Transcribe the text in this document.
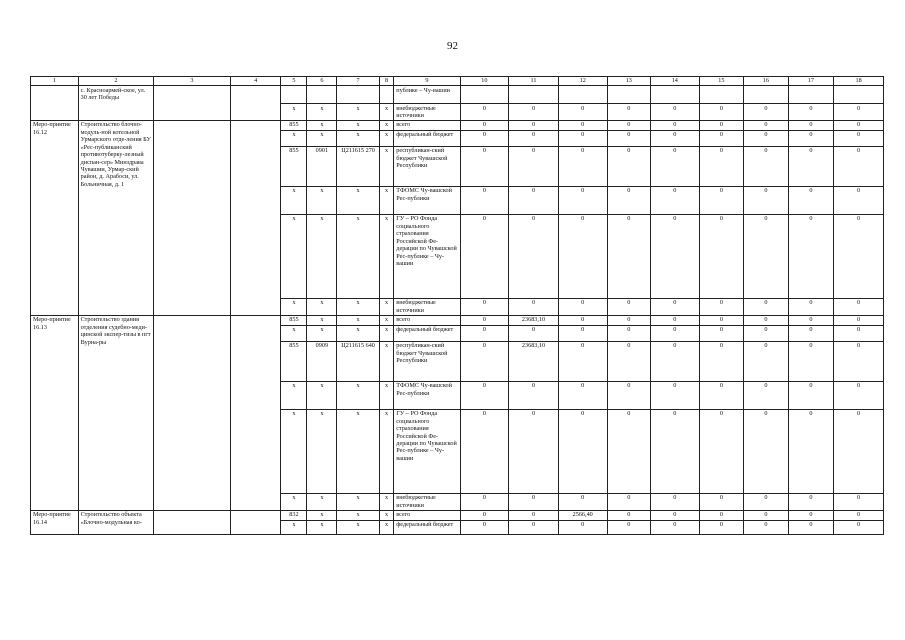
92
1	2	3	4	5	6	7	8	9	10	11	12	13	14	15	16	17	18
	с. Красноармей-ское, ул. 30 лет Победы							публике – Чу-вашии									
				x	x	x	x	внебюджетные источники	0	0	0	0	0	0	0	0	0
Меро-приятие 16.12	Строительство блочно-модуль-ной котельной Урмарского отде-ления БУ «Рес-публиканский противотуберку-лезный диспан-сер» Минздрава Чувашии, Урмар-ский район, д. Арабоси, ул. Больничная, д. 1			855	x	x	x	всего	0	0	0	0	0	0	0	0	0
				x	x	x	x	федеральный бюджет	0	0	0	0	0	0	0	0	0
				855	0901	Ц211615 270	x	республикан-ский бюджет Чувашской Республики	0	0	0	0	0	0	0	0	0
				x	x	x	x	ТФОМС Чу-вашской Рес-публики	0	0	0	0	0	0	0	0	0
				x	x	x	x	ГУ – РО Фонда социального страхования Российской Фе-дерации по Чувашской Рес-публике – Чу-вашии	0	0	0	0	0	0	0	0	0
				x	x	x	x	внебюджетные источники	0	0	0	0	0	0	0	0	0
Меро-приятие 16.13	Строительство здания отделения судебно-меди-цинской экспер-тизы в пгт Вурна-ры			855	x	x	x	всего	0	23683,10	0	0	0	0	0	0	0
				x	x	x	x	федеральный бюджет	0	0	0	0	0	0	0	0	0
				855	0909	Ц211615 640	x	республикан-ский бюджет Чувашской Республики	0	23683,10	0	0	0	0	0	0	0
				x	x	x	x	ТФОМС Чу-вашской Рес-публики	0	0	0	0	0	0	0	0	0
				x	x	x	x	ГУ – РО Фонда социального страхования Российской Фе-дерации по Чувашской Рес-публике – Чу-вашии	0	0	0	0	0	0	0	0	0
				x	x	x	x	внебюджетные источники	0	0	0	0	0	0	0	0	0
Меро-приятие 16.14	Строительство объекта «Блочно-модульная ко-			832	x	x	x	всего	0	0	2566,40	0	0	0	0	0	0
				x	x	x	x	федеральный бюджет	0	0	0	0	0	0	0	0	0
